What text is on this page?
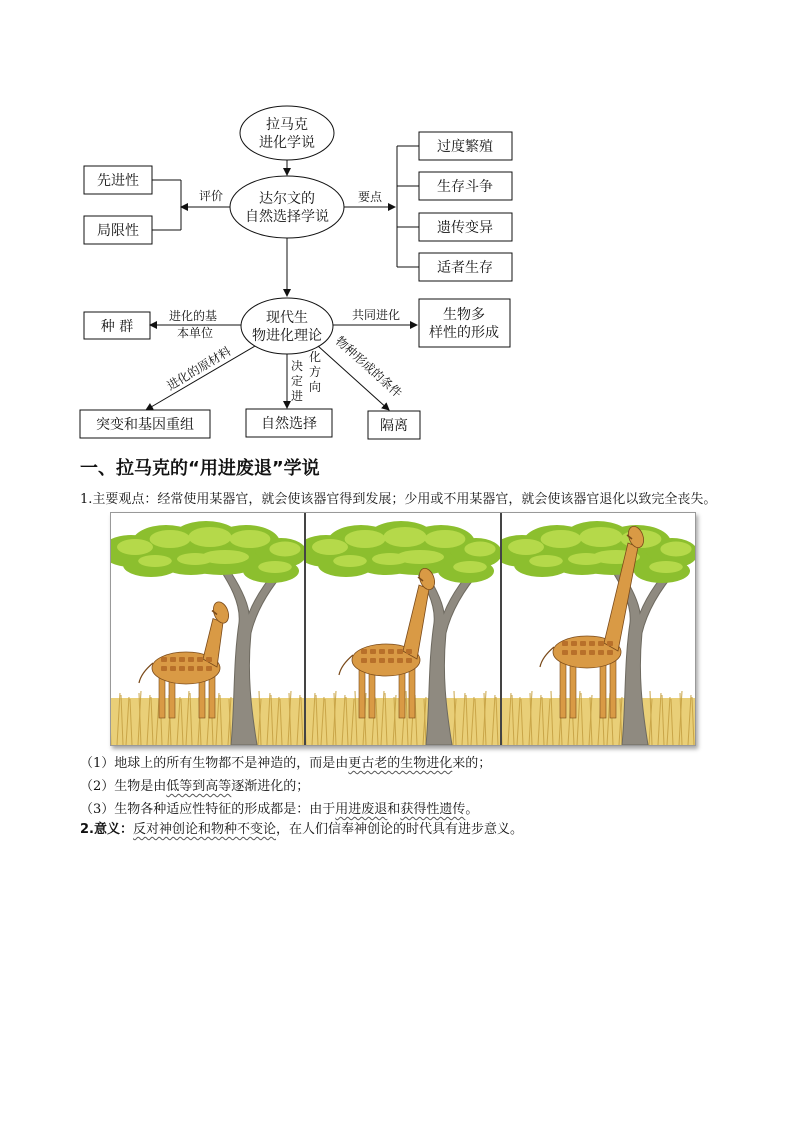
拉马克
进化学说
达尔文的
自然选择学说
现代生
物进化理论
评价
先进性
局限性
要点
过度繁殖
生存斗争
遗传变异
适者生存
进化的基
本单位
种 群
共同进化	生物多
样性的形成
进化的原材料
突变和基因重组	自然选择
物种形成的条件
隔离
决
定
进
化
方
向
一、拉马克的“用进废退”学说

1.主要观点：经常使用某器官，就会使该器官得到发展；少用或不用某器官，就会使该器官退化以致完全丧失。

（1）地球上的所有生物都不是神造的，而是由更古老的生物进化来的；
（2）生物是由低等到高等逐渐进化的；
（3）生物各种适应性特征的形成都是：由于用进废退和获得性遗传。

2.意义：反对神创论和物种不变论，在人们信奉神创论的时代具有进步意义。
